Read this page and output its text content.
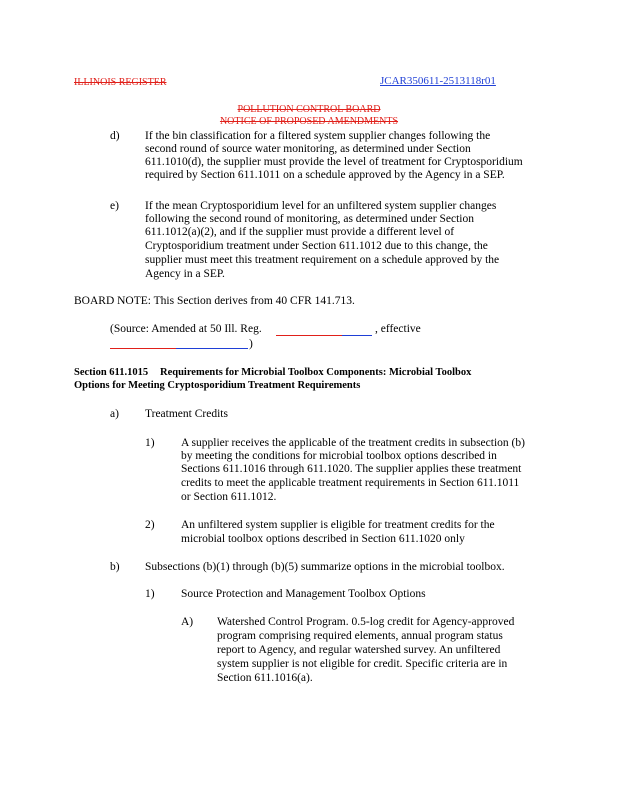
ILLINOIS REGISTER	JCAR350611-2513118r01
POLLUTION CONTROL BOARD
NOTICE OF PROPOSED AMENDMENTS
d) If the bin classification for a filtered system supplier changes following the
second round of source water monitoring, as determined under Section
611.1010(d), the supplier must provide the level of treatment for Cryptosporidium
required by Section 611.1011 on a schedule approved by the Agency in a SEP.
e) If the mean Cryptosporidium level for an unfiltered system supplier changes
following the second round of monitoring, as determined under Section
611.1012(a)(2), and if the supplier must provide a different level of
Cryptosporidium treatment under Section 611.1012 due to this change, the
supplier must meet this treatment requirement on a schedule approved by the
Agency in a SEP.
BOARD NOTE: This Section derives from 40 CFR 141.713.
(Source: Amended at 50 Ill. Reg.	, effective
)
Section 611.1015 Requirements for Microbial Toolbox Components: Microbial Toolbox
Options for Meeting Cryptosporidium Treatment Requirements
a) Treatment Credits
1) A supplier receives the applicable of the treatment credits in subsection (b)
by meeting the conditions for microbial toolbox options described in
Sections 611.1016 through 611.1020. The supplier applies these treatment
credits to meet the applicable treatment requirements in Section 611.1011
or Section 611.1012.
2) An unfiltered system supplier is eligible for treatment credits for the
microbial toolbox options described in Section 611.1020 only
b) Subsections (b)(1) through (b)(5) summarize options in the microbial toolbox.
1) Source Protection and Management Toolbox Options
A) Watershed Control Program. 0.5-log credit for Agency-approved
program comprising required elements, annual program status
report to Agency, and regular watershed survey. An unfiltered
system supplier is not eligible for credit. Specific criteria are in
Section 611.1016(a).
